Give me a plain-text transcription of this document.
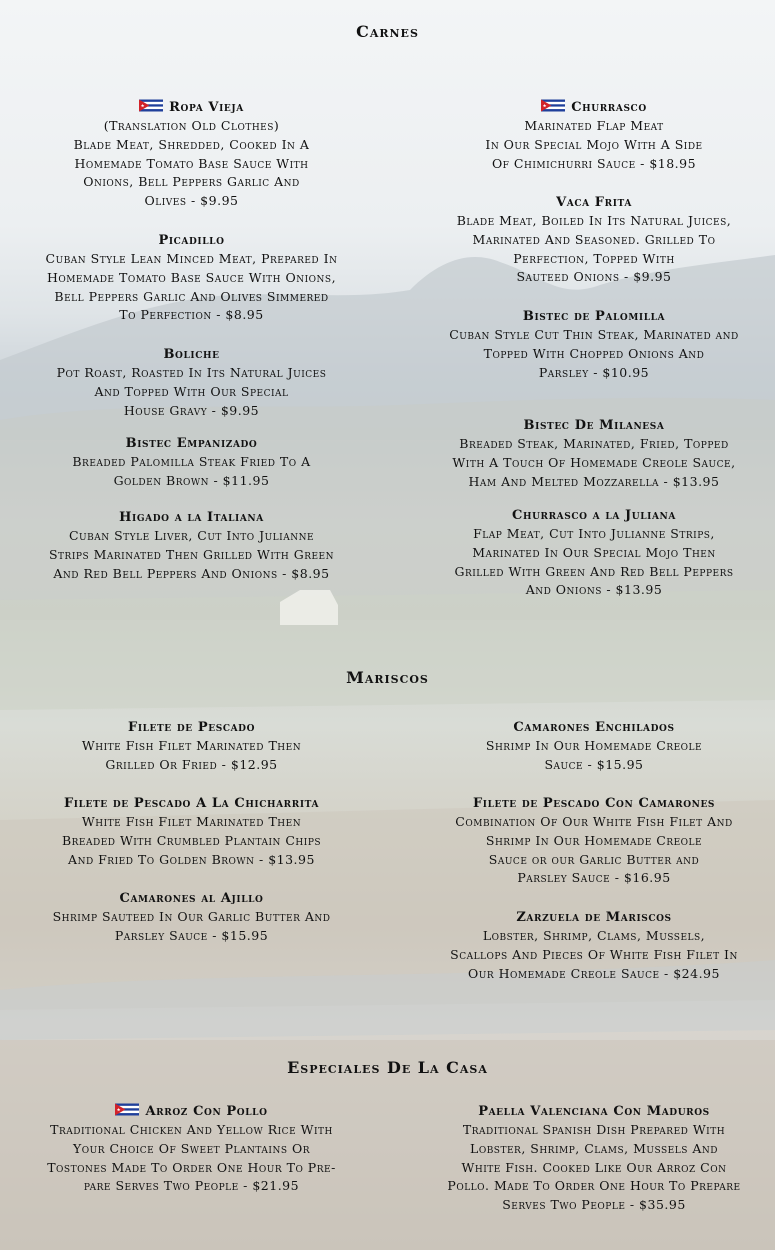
Carnes
Ropa Vieja
(Translation Old Clothes)
Blade Meat, Shredded, Cooked In A
Homemade Tomato Base Sauce With
Onions, Bell Peppers Garlic And
Olives - $9.95
Picadillo
Cuban Style Lean Minced Meat, Prepared In
Homemade Tomato Base Sauce With Onions,
Bell Peppers Garlic And Olives Simmered
To Perfection - $8.95
Boliche
Pot Roast, Roasted In Its Natural Juices
And Topped With Our Special
House Gravy - $9.95
Bistec Empanizado
Breaded Palomilla Steak Fried To A
Golden Brown - $11.95
Higado a la Italiana
Cuban Style Liver, Cut Into Julianne
Strips Marinated Then Grilled With Green
And Red Bell Peppers And Onions - $8.95
Churrasco
Marinated Flap Meat
In Our Special Mojo With A Side
Of Chimichurri Sauce - $18.95
Vaca Frita
Blade Meat, Boiled In Its Natural Juices,
Marinated And Seasoned. Grilled To
Perfection, Topped With
Sauteed Onions - $9.95
Bistec de Palomilla
Cuban Style Cut Thin Steak, Marinated and
Topped With Chopped Onions And
Parsley - $10.95
Bistec De Milanesa
Breaded Steak, Marinated, Fried, Topped
With A Touch Of Homemade Creole Sauce,
Ham And Melted Mozzarella - $13.95
Churrasco a la Juliana
Flap Meat, Cut Into Julianne Strips,
Marinated In Our Special Mojo Then
Grilled With Green And Red Bell Peppers
And Onions - $13.95
Mariscos
Filete de Pescado
White Fish Filet Marinated Then
Grilled Or Fried - $12.95
Filete de Pescado A La Chicharrita
White Fish Filet Marinated Then
Breaded With Crumbled Plantain Chips
And Fried To Golden Brown - $13.95
Camarones al Ajillo
Shrimp Sauteed In Our Garlic Butter And
Parsley Sauce - $15.95
Camarones Enchilados
Shrimp In Our Homemade Creole
Sauce - $15.95
Filete de Pescado Con Camarones
Combination Of Our White Fish Filet And
Shrimp In Our Homemade Creole
Sauce or our Garlic Butter and
Parsley Sauce - $16.95
Zarzuela de Mariscos
Lobster, Shrimp, Clams, Mussels,
Scallops And Pieces Of White Fish Filet In
Our Homemade Creole Sauce - $24.95
Especiales De La Casa
Arroz Con Pollo
Traditional Chicken And Yellow Rice With
Your Choice Of Sweet Plantains Or
Tostones Made To Order One Hour To Pre-
pare Serves Two People - $21.95
Paella Valenciana Con Maduros
Traditional Spanish Dish Prepared With
Lobster, Shrimp, Clams, Mussels And
White Fish. Cooked Like Our Arroz Con
Pollo. Made To Order One Hour To Prepare
Serves Two People - $35.95
